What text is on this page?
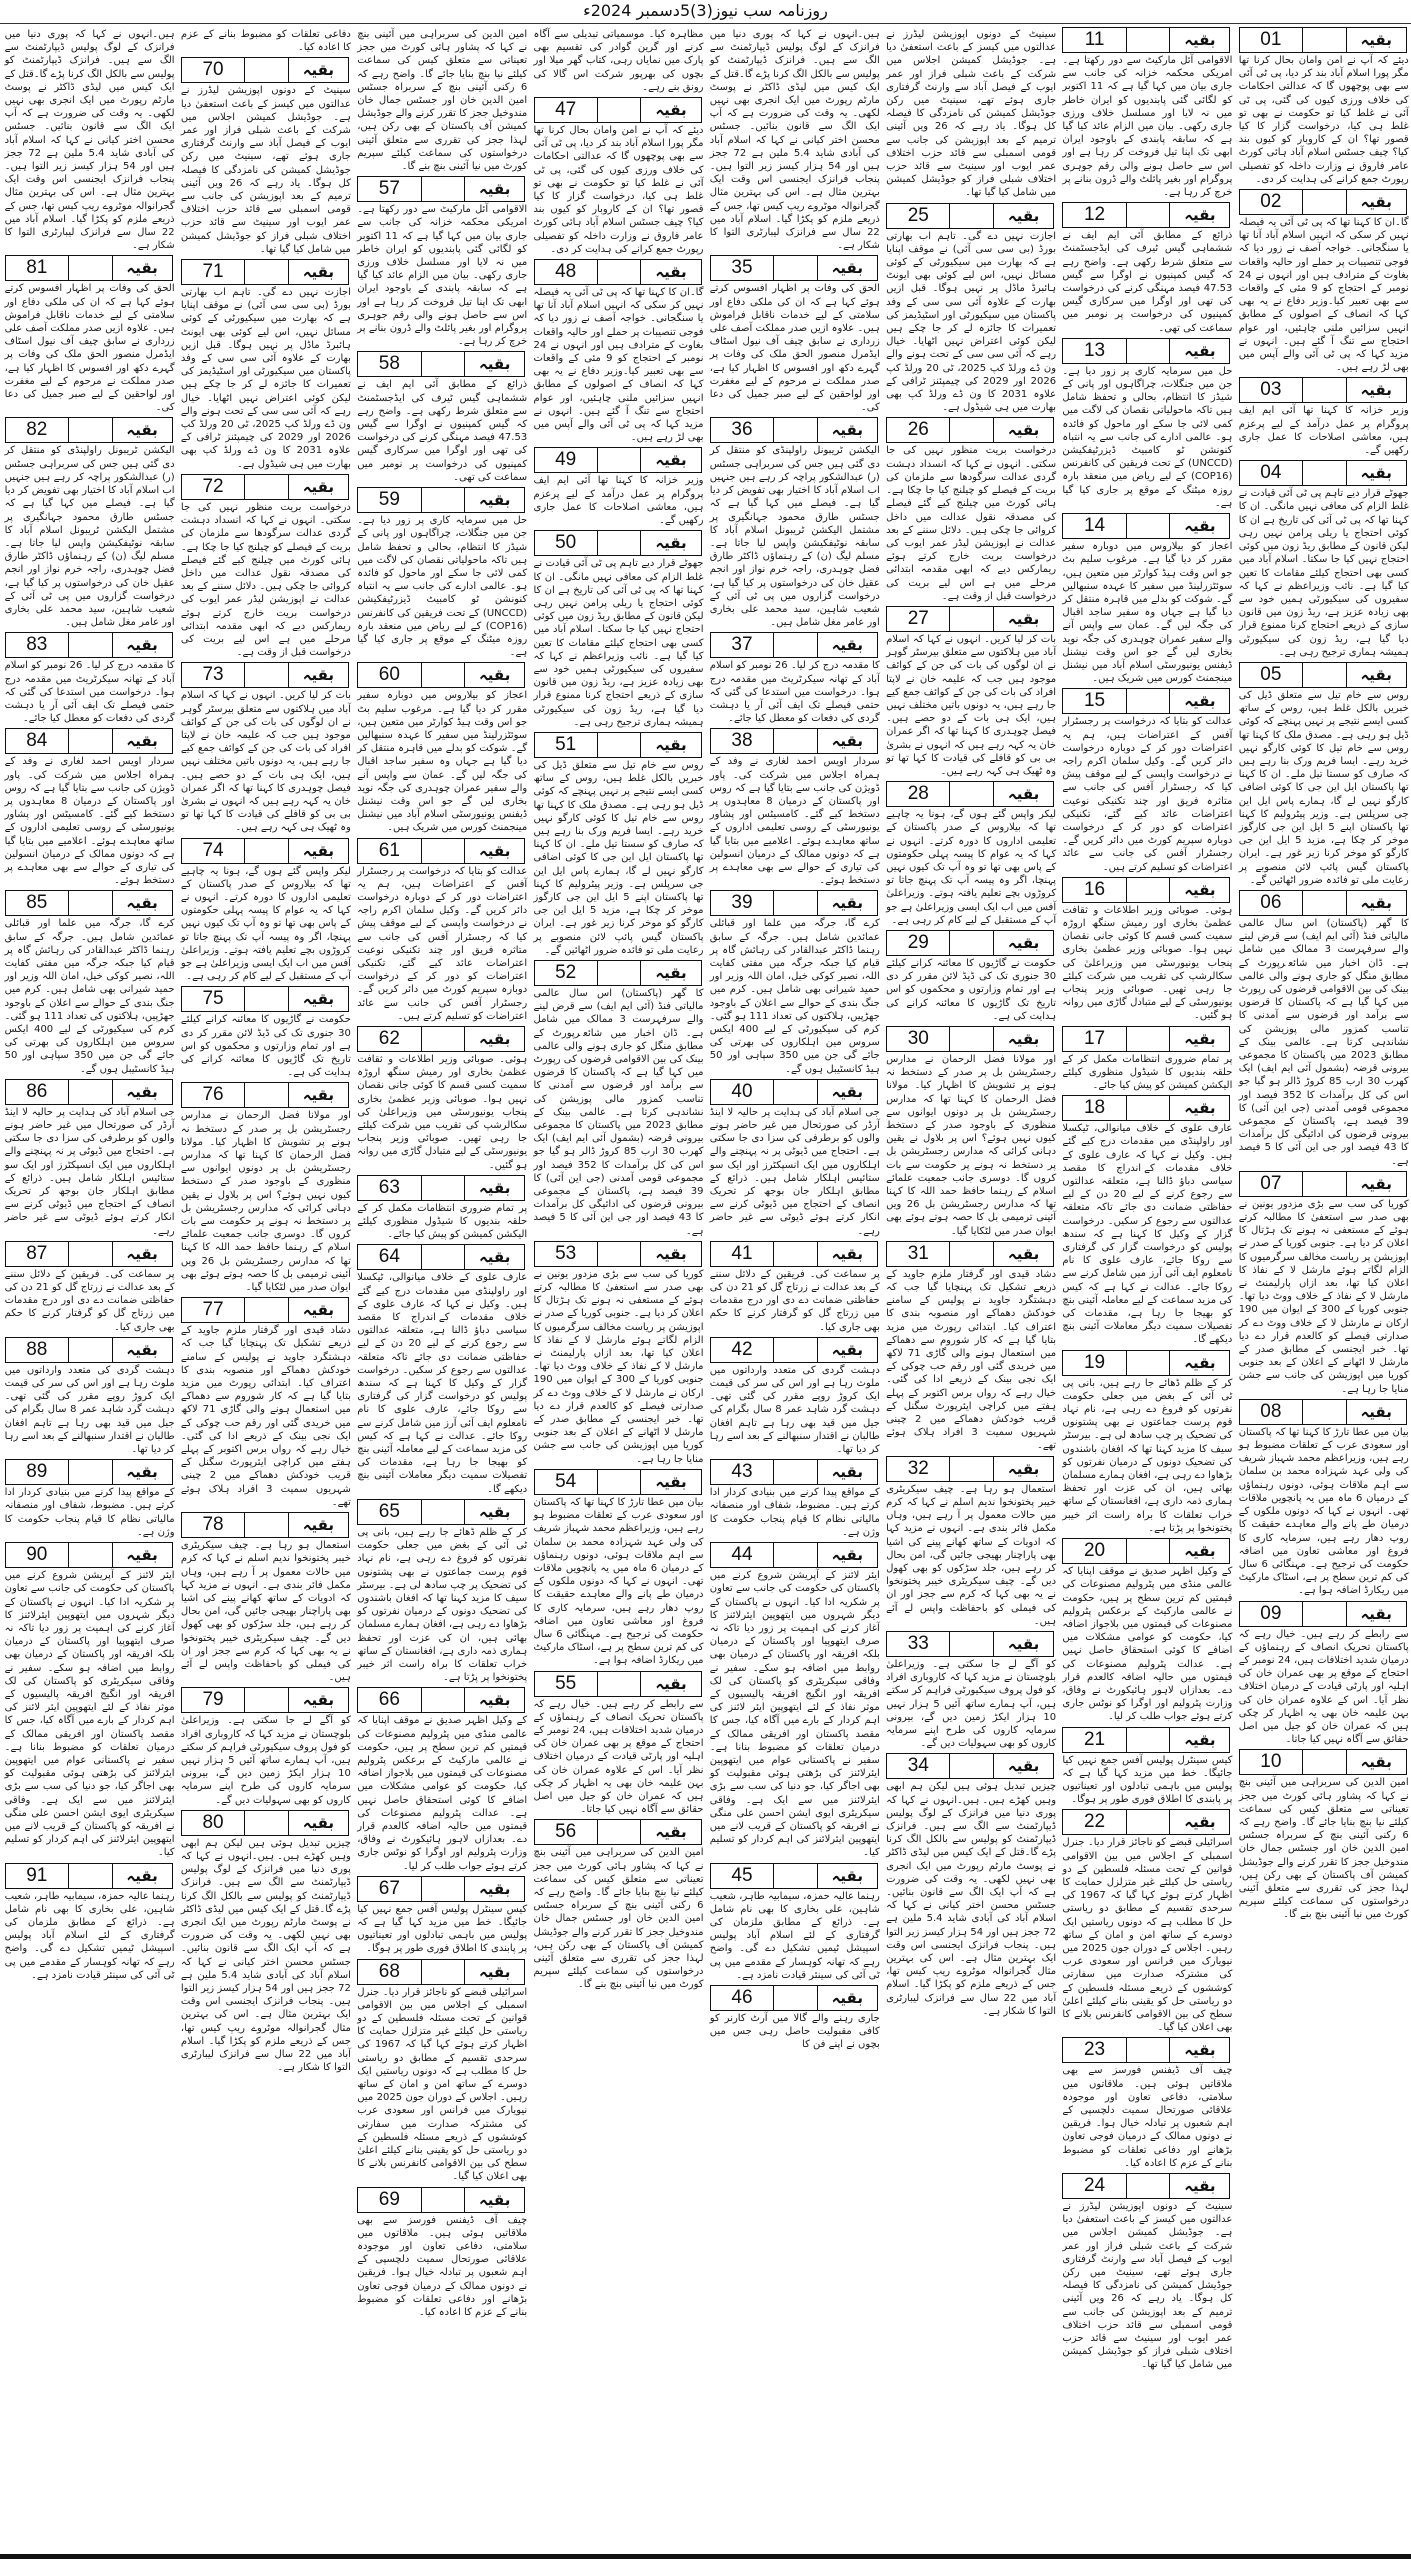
روزنامہ سب نیوز(3)5دسمبر 2024ء
01	بقیہ
دیئے کہ آپ نے امن وامان بحال کرنا تھا مگر پورا اسلام آباد بند کر دیا، پی ٹی آئی سے بھی پوچھوں گا کہ عدالتی احکامات کی خلاف ورزی کیوں کی گئی، پی ٹی آئی نے غلط کیا تو حکومت نے بھی تو غلط ہی کیا، درخواست گزار کا کیا قصور تھا؟ ان کے کاروبار کو کیوں بند کیا؟ چیف جسٹس اسلام آباد ہائی کورٹ عامر فاروق نے وزارت داخلہ کو تفصیلی رپورٹ جمع کرانے کی ہدایت کر دی۔
02	بقیہ
گا۔ان کا کہنا تھا کہ پی ٹی آئی یہ فیصلہ نہیں کر سکی کہ انہیں اسلام آباد آنا تھا یا سنگجانی۔ خواجہ آصف نے زور دیا کہ فوجی تنصیبات پر حملے اور حالیہ واقعات بغاوت کے مترادف ہیں اور انہوں نے 24 نومبر کے احتجاج کو 9 مئی کے واقعات سے بھی تعبیر کیا۔وزیر دفاع نے یہ بھی کہا کہ انصاف کے اصولوں کے مطابق انہیں سزائیں ملنی چاہئیں، اور عوام احتجاج سے تنگ آ گئے ہیں۔ انہوں نے مزید کہا کہ پی ٹی آئی والے آپس میں بھی لڑ رہے ہیں۔
03	بقیہ
وزیر خزانہ کا کہنا تھا آئی ایم ایف پروگرام پر عمل درآمد کے لیے پرعزم ہیں، معاشی اصلاحات کا عمل جاری رکھیں گے۔
04	بقیہ
جھوٹے قرار دیے تاہم پی ٹی آئی قیادت نے غلط الزام کی معافی نہیں مانگی۔ ان کا کہنا تھا کہ پی ٹی آئی کی تاریخ ہے ان کا کوئی احتجاج یا ریلی پرامن نہیں رہی لیکن قانون کے مطابق ریڈ زون میں کوئی احتجاج نہیں کیا جا سکتا۔ اسلام آباد میں کسی بھی احتجاج کیلئے مقامات کا تعین کیا گیا ہے۔ نائب وزیراعظم نے کہا کہ سفیروں کی سیکیورٹی ہمیں خود سے بھی زیادہ عزیز ہے، ریڈ زون میں قانون سازی کے ذریعے احتجاج کرنا ممنوع قرار دیا گیا ہے، ریڈ زون کی سیکیورٹی ہمیشہ ہماری ترجیح رہی ہے۔
05	بقیہ
روس سے خام تیل سے متعلق ڈیل کی خبریں بالکل غلط ہیں، روس کے ساتھ کسی ایسے نتیجے پر نہیں پہنچے کہ کوئی ڈیل ہو رہی ہے۔ مصدق ملک کا کہنا تھا روس سے خام تیل کا کوئی کارگو نہیں خرید رہے۔ ایسا فریم ورک بنا رہے ہیں کہ صارف کو سستا تیل ملے۔ ان کا کہنا تھا پاکستان ایل این جی کا کوئی اضافی کارگو نہیں لے گا، ہمارے پاس ایل این جی سرپلس ہے۔ وزیر پیٹرولیم کا کہنا تھا پاکستان اپنے 5 ایل این جی کارگوز موخر کر چکا ہے، مزید 5 ایل این جی کارگو کو موخر کرنا زیر غور ہے۔ ایران پاکستان گیس پائپ لائن منصوبے پر رعایت ملی تو فائدہ ضرور اٹھائیں گے۔
06	بقیہ
کا گھر (پاکستان) اس سال عالمی مالیاتی فنڈ (آئی ایم ایف) سے قرض لینے والے سرفہرست 3 ممالک میں شامل ہے۔ ڈان اخبار میں شائعرپورٹ کے مطابق منگل کو جاری ہونے والی عالمی بینک کی بین الاقوامی قرضوں کی رپورٹ میں کہا گیا ہے کہ پاکستان کا قرضوں سے برآمد اور قرضوں سے آمدنی کا تناسب کمزور مالی پوزیشن کی نشاندہی کرتا ہے۔ عالمی بینک کے مطابق 2023 میں پاکستان کا مجموعی بیرونی قرضہ (بشمول آئی ایم ایف) ایک کھرب 30 ارب 85 کروڑ ڈالر ہو گیا جو اس کی کل برآمدات کا 352 فیصد اور مجموعی قومی آمدنی (جی این آئی) کا 39 فیصد ہے، پاکستان کے مجموعی بیرونی قرضوں کی ادائیگی کل برآمدات کا 43 فیصد اور جی این آئی کا 5 فیصد ہے۔
07	بقیہ
کوریا کی سب سے بڑی مزدور یونین نے بھی صدر سے استعفیٰ کا مطالبہ کرتے ہوئے کے مستعفی نہ ہونے تک ہڑتال کا اعلان کر دیا ہے۔ جنوبی کوریا کے صدر نے اپوزیشن پر ریاست مخالف سرگرمیوں کا الزام لگاتے ہوئے مارشل لا کے نفاذ کا اعلان کیا تھا، بعد ازاں پارلیمنٹ نے مارشل لا کے نفاذ کے خلاف ووٹ دیا تھا۔ جنوبی کوریا کے 300 کے ایوان میں 190 ارکان نے مارشل لا کے خلاف ووٹ دے کر صدارتی فیصلے کو کالعدم قرار دے دیا تھا۔ خبر ایجنسی کے مطابق صدر کے مارشل لا اٹھانے کے اعلان کے بعد جنوبی کوریا میں اپوزیشن کی جانب سے جشن منایا جا رہا ہے۔
08	بقیہ
بیان میں عطا تارڑ کا کہنا تھا کہ پاکستان اور سعودی عرب کے تعلقات مضبوط ہو رہے ہیں، وزیراعظم محمد شہباز شریف کی ولی عہد شہزادہ محمد بن سلمان سے اہم ملاقات ہوئی، دونوں رہنماؤں کے درمیان 6 ماہ میں یہ پانچویں ملاقات تھی۔ انہوں نے کہا کہ دونوں ملکوں کے درمیان طے پانے والے معاہدے حقیقت کا روپ دھار رہے ہیں، سرمایہ کاری کا فروغ اور معاشی تعاون میں اضافہ حکومت کی ترجیح ہے۔ مہنگائی 6 سال کی کم ترین سطح پر ہے، اسٹاک مارکیٹ میں ریکارڈ اضافہ ہوا ہے۔
09	بقیہ
سے رابطے کر رہے ہیں۔ خیال رہے کہ پاکستان تحریک انصاف کے رہنماؤں کے درمیان شدید اختلافات ہیں، 24 نومبر کے احتجاج کے موقع پر بھی عمران خان کی اہلیہ اور پارٹی قیادت کے درمیان اختلاف نظر آیا۔ اس کے علاوہ عمران خان کی بہن علیمہ خان بھی یہ اظہار کر چکی ہیں کہ عمران خان کو جیل میں اصل حقائق سے آگاہ نہیں کیا جاتا۔
10	بقیہ
امین الدین کی سربراہی میں آئینی بنچ نے کہا کہ پشاور ہائی کورٹ میں ججز تعیناتی سے متعلق کیس کی سماعت کیلئے نیا بنچ بنایا جائے گا۔ واضح رہے کہ 6 رکنی آئینی بنچ کے سربراہ جسٹس امین الدین خان اور جسٹس جمال خان مندوخیل ججز کا تقرر کرنے والے جوڈیشل کمیشن آف پاکستان کے بھی رکن ہیں، لہذا ججز کی تقرری سے متعلق آئینی درخواستوں کی سماعت کیلئے سپریم کورٹ میں نیا آئینی بنچ بنے گا۔
11	بقیہ
الاقوامی آئل مارکیٹ سے دور رکھتا ہے۔ امریکی محکمہ خزانہ کی جانب سے جاری بیان میں کہا گیا ہے کہ 11 اکتوبر کو لگائی گئی پابندیوں کو ایران خاطر میں نہ لایا اور مسلسل خلاف ورزی جاری رکھی۔ بیان میں الزام عائد کیا گیا ہے کہ سابقہ پابندی کے باوجود ایران ابھی تک اپنا تیل فروخت کر رہا ہے اور اس سے حاصل ہونے والی رقم جوہری پروگرام اور بغیر پائلٹ والے ڈرون بنانے پر خرچ کر رہا ہے۔
12	بقیہ
ذرائع کے مطابق آئی ایم ایف نے ششماہی گیس ٹیرف کی ایڈجسٹمنٹ سے متعلق شرط رکھی ہے۔ واضح رہے کہ گیس کمپنیوں نے اوگرا سے گیس 47.53 فیصد مہنگی کرنے کی درخواست کی تھی اور اوگرا میں سرکاری گیس کمپنیوں کی درخواست پر نومبر میں سماعت کی تھی۔
13	بقیہ
حل میں سرمایہ کاری پر زور دیا ہے۔ جن میں جنگلات، چراگاہوں اور پانی کے شیڈز کا انتظام، بحالی و تحفظ شامل ہیں تاکہ ماحولیاتی نقصان کی لاگت میں کمی لائی جا سکے اور ماحول کو فائدہ ہو۔ عالمی ادارے کی جانب سے یہ انتباہ کنونشن ٹو کامبیٹ ڈیزرٹیفکیشن (UNCCD) کے تحت فریقین کی کانفرنس (COP16) کے لیے ریاض میں منعقد بارہ روزہ میٹنگ کے موقع پر جاری کیا گیا ہے۔
14	بقیہ
اعجاز کو بیلاروس میں دوبارہ سفیر مقرر کر دیا گیا ہے۔ مرغوب سلیم بٹ جو اس وقت ہیڈ کوارٹر میں متعین ہیں، سوئٹزرلینڈ میں سفیر کا عہدہ سنبھالیں گے۔ شوکت کو بدلے میں قاہرہ منتقل کر دیا گیا ہے جہاں وہ سفیر ساجد اقبال کی جگہ لیں گے۔ عمان سے واپس آنے والے سفیر عمران چوہدری کی جگہ نوید بخاری لیں گے جو اس وقت نیشنل ڈیفنس یونیورسٹی اسلام آباد میں نیشنل مینجمنٹ کورس میں شریک ہیں۔
15	بقیہ
عدالت کو بتایا کہ درخواست پر رجسٹرار آفس کے اعتراضات ہیں، ہم یہ اعتراضات دور کر کے دوبارہ درخواست دائر کریں گے۔ وکیل سلمان اکرم راجہ نے درخواست واپسی کے لیے موقف پیش کیا کہ رجسٹرار آفس کی جانب سے متاثرہ فریق اور چند تکنیکی نوعیت اعتراضات عائد کیے گئے، تکنیکی اعتراضات کو دور کر کے درخواست دوبارہ سپریم کورٹ میں دائر کریں گے۔ رجسٹرار آفس کی جانب سے عائد اعتراضات کو تسلیم کرتے ہیں۔
16	بقیہ
ہوئی۔ صوبائی وزیر اطلاعات و ثقافت عظمیٰ بخاری اور رمیش سنگھ اروڑہ سمیت کسی قسم کا کوئی جانی نقصان نہیں ہوا۔ صوبائی وزیر عظمیٰ بخاری پنجاب یونیورسٹی میں وزیراعلیٰ کی سکالرشپ کی تقریب میں شرکت کیلئے جا رہی تھیں۔ صوبائی وزیر پنجاب یونیورسٹی کے لیے متبادل گاڑی میں روانہ ہو گئیں۔
17	بقیہ
پر تمام ضروری انتظامات مکمل کر کے حلقہ بندیوں کا شیڈول منظوری کیلئے الیکشن کمیشن کو پیش کیا جائے۔
18	بقیہ
عارف علوی کے خلاف میانوالی، ٹیکسلا اور راولپنڈی میں مقدمات درج کیے گئے ہیں۔ وکیل نے کہا کہ عارف علوی کے خلاف مقدمات کےاندراج کا مقصد سیاسی دباؤ ڈالنا ہے، متعلقہ عدالتوں سے رجوع کرنے کے لیے 20 دن کے لیے حفاظتی ضمانت دی جائے تاکہ متعلقہ عدالتوں سے رجوع کر سکیں۔ درخواست گزار کے وکیل کا کہنا ہے کہ سندھ پولیس کو درخواست گزار کی گرفتاری سے روکا جائے، عارف علوی کا نام نامعلوم ایف آئی آرز میں شامل کرنے سے روکا جائے۔ عدالت نے کہا ہے کہ کیس کی مزید سماعت کے لیے معاملہ آئینی بنچ کو بھیجا جا رہا ہے، مقدمات کی تفصیلات سمیت دیگر معاملات آئینی بنچ دیکھے گا۔
19	بقیہ
کر کے ظلم ڈھائے جا رہے ہیں، بانی پی ٹی آئی کے بغض میں جعلی حکومت نفرتوں کو فروغ دے رہی ہے، نام نہاد قوم پرست جماعتوں نے بھی پشتونوں کی تضحیک پر چپ سادھ لی ہے۔ بیرسٹر سیف کا مزید کہنا تھا کہ افغان باشندوں کی تضحیک دونوں کے درمیان نفرتوں کو بڑھاوا دے رہی ہے، افغان ہمارے مسلمان بھائی ہیں، ان کی عزت اور تحفظ ہماری ذمہ داری ہے، افغانستان کے ساتھ خراب تعلقات کا براہ راست اثر خیبر پختونخوا پر پڑتا ہے۔
20	بقیہ
کے وکیل اظہر صدیق نے موقف اپنایا کہ عالمی منڈی میں پٹرولیم مصنوعات کی قیمتیں کم ترین سطح پر ہیں، حکومت نے عالمی مارکیٹ کے برعکس پٹرولیم مصنوعات کی قیمتوں میں بلاجواز اضافہ کیا، حکومت کو عوامی مشکلات میں اضافے کا کوئی استحقاق حاصل نہیں ہے۔ عدالت پٹرولیم مصنوعات کی قیمتوں میں حالیہ اضافہ کالعدم قرار دے۔ بعدازاں لاہور ہائیکورٹ نے وفاق، وزارت پٹرولیم اور اوگرا کو نوٹس جاری کرتے ہوئے جواب طلب کر لیا۔
21	بقیہ
کیس سینٹرل پولیس آفس جمع نہیں کیا جائیگا۔ خط میں مزید کہا گیا ہے کہ پولیس میں باہمی تبادلوں اور تعیناتیوں پر پابندی کا اطلاق فوری طور پر ہوگا۔
22	بقیہ
اسرائیلی قبضے کو ناجائز قرار دیا۔ جنرل اسمبلی کے اجلاس میں بین الاقوامی قوانین کے تحت مسئلہ فلسطین کے دو ریاستی حل کیلئے غیر متزلزل حمایت کا اظہار کرتے ہوئے کہا گیا کہ 1967 کی سرحدی تقسیم کے مطابق دو ریاستی حل کا مطلب ہے کہ دونوں ریاستیں ایک دوسرے کے ساتھ امن و امان کے ساتھ رہیں۔ اجلاس کے دوران جون 2025 میں نیویارک میں فرانس اور سعودی عرب کی مشترکہ صدارت میں سفارتی کوششوں کے ذریعے مسئلہ فلسطین کے دو ریاستی حل کو یقینی بنانے کیلئے اعلیٰ سطح کی بین الاقوامی کانفرنس بلانے کا بھی اعلان کیا گیا۔
23	بقیہ
چیف آف ڈیفنس فورسز سے بھی ملاقاتیں ہوئی ہیں۔ ملاقاتوں میں سلامتی، دفاعی تعاون اور موجودہ علاقائی صورتحال سمیت دلچسپی کے اہم شعبوں پر تبادلہ خیال ہوا۔ فریقین نے دونوں ممالک کے درمیان فوجی تعاون بڑھانے اور دفاعی تعلقات کو مضبوط بنانے کے عزم کا اعادہ کیا۔
24	بقیہ
سینیٹ کے دونوں اپوزیشن لیڈرز نے عدالتوں میں کیسز کے باعث استعفیٰ دیا ہے۔ جوڈیشل کمیشن اجلاس میں شرکت کے باعث شبلی فراز اور عمر ایوب کے فیصل آباد سے وارنٹ گرفتاری جاری ہوئے تھے، سینیٹ میں رکن جوڈیشل کمیشن کی نامزدگی کا فیصلہ کل ہوگا۔ یاد رہے کہ 26 ویں آئینی ترمیم کے بعد اپوزیشن کی جانب سے قومی اسمبلی سے قائد حزب اختلاف عمر ایوب اور سینیٹ سے قائد حزب اختلاف شبلی فراز کو جوڈیشل کمیشن میں شامل کیا گیا تھا۔
سینیٹ کے دونوں اپوزیشن لیڈرز نے عدالتوں میں کیسز کے باعث استعفیٰ دیا ہے۔ جوڈیشل کمیشن اجلاس میں شرکت کے باعث شبلی فراز اور عمر ایوب کے فیصل آباد سے وارنٹ گرفتاری جاری ہوئے تھے، سینیٹ میں رکن جوڈیشل کمیشن کی نامزدگی کا فیصلہ کل ہوگا۔ یاد رہے کہ 26 ویں آئینی ترمیم کے بعد اپوزیشن کی جانب سے قومی اسمبلی سے قائد حزب اختلاف عمر ایوب اور سینیٹ سے قائد حزب اختلاف شبلی فراز کو جوڈیشل کمیشن میں شامل کیا گیا تھا۔
25	بقیہ
اجازت نہیں دے گی۔ تاہم اب بھارتی بورڈ (بی سی سی آئی) نے موقف اپنایا ہے کہ بھارت میں سیکیورٹی کے کوئی مسائل نہیں، اس لیے کوئی بھی ایونٹ ہائبرڈ ماڈل پر نہیں ہوگا۔ قبل ازیں بھارت کے علاوہ آئی سی سی کے وفد پاکستان میں سیکیورٹی اور اسٹیڈیمز کی تعمیرات کا جائزہ لے کر جا چکے ہیں لیکن کوئی اعتراض نہیں اٹھایا۔ خیال رہے کہ آئی سی سی کے تحت ہونے والے ون ڈے ورلڈ کپ 2025، ٹی 20 ورلڈ کپ 2026 اور 2029 کی چیمپئنز ٹرافی کے علاوہ 2031 کا ون ڈے ورلڈ کپ بھی بھارت میں ہی شیڈول ہے۔
26	بقیہ
درخواست بریت منظور نہیں کی جا سکتی۔ انہوں نے کہا کہ انسداد دہشت گردی عدالت سرگودھا سے ملزمان کی بریت کے فیصلے کو چیلنج کیا جا چکا ہے۔ ہائی کورٹ میں چیلنج کیے گئے فیصلے کی مصدقہ نقول عدالت میں داخل کروائی جا چکی ہیں۔ دلائل سننے کے بعد عدالت نے اپوزیشن لیڈر عمر ایوب کی درخواست بریت خارج کرتے ہوئے ریمارکس دیے کہ ابھی مقدمہ ابتدائی مرحلے میں ہے اس لیے بریت کی درخواست قبل از وقت ہے۔
27	بقیہ
بات کر لیا کریں۔ انہوں نے کہا کہ اسلام آباد میں ہلاکتوں سے متعلق بیرسٹر گوہر نے ان لوگوں کی بات کی جن کے کوائف موجود ہیں جب کہ علیمہ خان نے لاپتا افراد کی بات کی جن کے کوائف جمع کیے جا رہے ہیں، یہ دونوں باتیں مختلف نہیں ہیں، ایک ہی بات کے دو حصے ہیں۔ فیصل چوہدری کا کہنا تھا کہ اگر عمران خان یہ کہہ رہے ہیں کہ انہوں نے بشریٰ بی بی کو قافلے کی قیادت کا کہا تھا تو وہ ٹھیک ہی کہہ رہے ہیں۔
28	بقیہ
لیکر واپس گئے ہوں گے، ہونا یہ چاہیے تھا کہ بیلاروس کے صدر پاکستان کے تعلیمی اداروں کا دورہ کرتے۔ انہوں نے کہا کہ یہ عوام کا پیسہ پہلی حکومتوں کے پاس بھی تھا تو وہ آپ تک کیوں نہیں پہنچا، اگر وہ پیسہ آپ تک پہنچ جاتا تو کروڑوں بچے تعلیم یافتہ ہوتے۔ وزیراعلیٰ آفس میں اب ایک ایسی وزیراعلیٰ ہے جو آپ کے مستقبل کے لیے کام کر رہی ہے۔
29	بقیہ
حکومت نے گاڑیوں کا معائنہ کرانے کیلئے 30 جنوری تک کی ڈیڈ لائن مقرر کر دی ہے اور تمام وزارتوں و محکموں کو اس تاریخ تک گاڑیوں کا معائنہ کرانے کی ہدایت کی ہے۔
30	بقیہ
اور مولانا فضل الرحمان نے مدارس رجسٹریشن بل پر صدر کے دستخط نہ ہونے پر تشویش کا اظہار کیا۔ مولانا فضل الرحمان کا کہنا تھا کہ مدارس رجسٹریشن بل پر دونوں ایوانوں سے منظوری کے باوجود صدر کے دستخط کیوں نہیں ہوئے؟ اس پر بلاول نے یقین دہانی کرائی کہ مدارس رجسٹریشن بل پر دستخط نہ ہونے پر حکومت سے بات کروں گا۔ دوسری جانب جمعیت علمائے اسلام کے رہنما حافظ حمد اللہ کا کہنا تھا کہ مدارس رجسٹریشن بل 26 ویں آئینی ترمیمی بل کا حصہ ہوتے ہوئے بھی ایوان صدر میں لٹکایا گیا۔
31	بقیہ
دشاد قیدی اور گرفتار ملزم جاوید کے ذریعے تشکیل تک پہنچایا گیا جب کہ دہشتگرد جاوید نے پولیس کے سامنے خودکش دھماکے اور منصوبہ بندی کا اعتراف کیا۔ ابتدائی رپورٹ میں مزید بتایا گیا ہے کہ کار شوروم سے دھماکے میں استعمال ہونے والی گاڑی 71 لاکھ میں خریدی گئی اور رقم حب چوکی کے ایک نجی بینک کے ذریعے ادا کی گئی۔ خیال رہے کہ رواں برس اکتوبر کے پہلے ہفتے میں کراچی ایئرپورٹ سگنل کے قریب خودکش دھماکے میں 2 چینی شہریوں سمیت 3 افراد ہلاک ہوئے تھے۔
32	بقیہ
استعمال ہو رہا ہے۔ چیف سیکریٹری خیبر پختونخوا ندیم اسلم نے کہا کہ کرم میں حالات معمول پر آ رہے ہیں، وہاں مکمل فائر بندی ہے۔ انہوں نے مزید کہا کہ ادویات کے ساتھ کھانے پینے کی اشیا بھی پاراچنار بھیجی جائیں گی، امن بحال کر رہے ہیں، جلد سڑکوں کو بھی کھول دیں گے۔ چیف سیکریٹری خیبر پختونخوا نے یہ بھی کہا کہ کرم سے ججز اور ان کی فیملی کو باحفاظت واپس لے آئے ہیں۔
33	بقیہ
کو آگے لے جا سکتی ہے۔ وزیراعلیٰ بلوچستان نے مزید کہا کہ کاروباری افراد کو فول پروف سیکیورٹی فراہم کر سکتے ہیں، آپ ہمارے ساتھ آئیں 5 ہزار نہیں 10 ہزار ایکڑ زمین دیں گے، بیرونی سرمایہ کاروں کی طرح اپنے سرمایہ کاروں کو بھی سہولیات دیں گے۔
34	بقیہ
چیزیں تبدیل ہوئی ہیں لیکن ہم ابھی وہیں کھڑے ہیں۔ہیں۔انہوں نے کہا کہ پوری دنیا میں فرانزک کے لوگ پولیس ڈیپارٹمنٹ سے الگ سے ہیں۔ فرانزک ڈیپارٹمنٹ کو پولیس سے بالکل الگ کرنا پڑے گا۔قتل کے ایک کیس میں لیڈی ڈاکٹر نے پوسٹ مارٹم رپورٹ میں ایک انجری بھی نہیں لکھی۔ یہ وقت کی ضرورت ہے کہ آپ ایک الگ سے قانون بنائیں۔ جسٹس محسن اختر کیانی نے کہا کہ اسلام آباد کی آبادی شاید 5.4 ملین ہے 72 ججز ہیں اور 54 ہزار کیسز زیر التوا ہیں۔ پنجاب فرانزک ایجنسی اس وقت ایک بہترین مثال ہے۔ اس کی بہترین مثال گجرانوالہ موٹروے ریپ کیس تھا، جس کے ذریعے ملزم کو پکڑا گیا۔ اسلام آباد میں 22 سال سے فرانزک لیبارٹری التوا کا شکار ہے۔
ہیں۔انہوں نے کہا کہ پوری دنیا میں فرانزک کے لوگ پولیس ڈیپارٹمنٹ سے الگ سے ہیں۔ فرانزک ڈیپارٹمنٹ کو پولیس سے بالکل الگ کرنا پڑے گا۔قتل کے ایک کیس میں لیڈی ڈاکٹر نے پوسٹ مارٹم رپورٹ میں ایک انجری بھی نہیں لکھی۔ یہ وقت کی ضرورت ہے کہ آپ ایک الگ سے قانون بنائیں۔ جسٹس محسن اختر کیانی نے کہا کہ اسلام آباد کی آبادی شاید 5.4 ملین ہے 72 ججز ہیں اور 54 ہزار کیسز زیر التوا ہیں۔ پنجاب فرانزک ایجنسی اس وقت ایک بہترین مثال ہے۔ اس کی بہترین مثال گجرانوالہ موٹروے ریپ کیس تھا، جس کے ذریعے ملزم کو پکڑا گیا۔ اسلام آباد میں 22 سال سے فرانزک لیبارٹری التوا کا شکار ہے۔
35	بقیہ
الحق کی وفات پر اظہار افسوس کرتے ہوئے کہا ہے کہ ان کی ملکی دفاع اور سلامتی کے لیے خدمات ناقابل فراموش ہیں۔ علاوہ ازیں صدر مملکت آصف علی زرداری نے سابق چیف آف نیول اسٹاف ایڈمرل منصور الحق ملک کی وفات پر گہرے دکھ اور افسوس کا اظہار کیا ہے، صدر مملکت نے مرحوم کے لیے مغفرت اور لواحقین کے لیے صبر جمیل کی دعا کی۔
36	بقیہ
الیکشن ٹریبونل راولپنڈی کو منتقل کر دی گئی ہیں جس کی سربراہی جسٹس (ر) عبدالشکور پراچہ کر رہے ہیں جنہیں اب اسلام آباد کا اختیار بھی تفویض کر دیا گیا ہے۔ فیصلے میں کہا گیا ہے کہ جسٹس طارق محمود جہانگیری پر مشتمل الیکشن ٹریبونل اسلام آباد کا سابقہ نوٹیفکیشن واپس لیا جاتا ہے۔ مسلم لیگ (ن) کے رہنماؤں ڈاکٹر طارق فضل چوہدری، راجہ خرم نواز اور انجم عقیل خان کی درخواستوں پر کیا گیا ہے، درخواست گزاروں میں پی ٹی آئی کے شعیب شاہین، سید محمد علی بخاری اور عامر مغل شامل ہیں۔
37	بقیہ
کا مقدمہ درج کر لیا۔ 26 نومبر کو اسلام آباد کے تھانہ سیکرٹریٹ میں مقدمہ درج ہوا۔ درخواست میں استدعا کی گئی کہ حتمی فیصلے تک ایف آئی آر یا دہشت گردی کی دفعات کو معطل کیا جائے۔
38	بقیہ
سردار اویس احمد لغاری نے وفد کے ہمراہ اجلاس میں شرکت کی۔ پاور ڈویژن کی جانب سے بتایا گیا ہے کہ روس اور پاکستان کے درمیان 8 معاہدوں پر دستخط کیے گئے۔ کامسیٹس اور پشاور یونیورسٹی کے روسی تعلیمی اداروں کے ساتھ معاہدے ہوئے۔ اعلامیے میں بتایا گیا ہے کہ دونوں ممالک کے درمیان انسولین کی تیاری کے حوالے سے بھی معاہدے پر دستخط ہوئے۔
39	بقیہ
کرے گا، جرگہ میں علما اور قبائلی عمائدین شامل ہیں۔ جرگہ کے سابق رہنما ڈاکٹر عبدالقادر کی رہائش گاہ پر قیام کیا جبکہ جرگہ میں مفتی کفایت اللہ، نصیر کوکی خیل، امان اللہ وزیر اور حمید شیرانی بھی شامل ہیں۔ کرم میں جنگ بندی کے حوالے سے اعلان کے باوجود جھڑپیں، ہلاکتوں کی تعداد 111 ہو گئی۔ کرم کی سیکیورٹی کے لیے 400 ایکس سروس مین اہلکاروں کی بھرتی کی جائے گی جن میں 350 سپاہی اور 50 ہیڈ کانسٹیبل ہوں گے۔
40	بقیہ
جی اسلام آباد کی ہدایت پر حالیہ لا اینڈ آرڈر کی صورتحال میں غیر حاضر ہونے والوں کو برطرفی کی سزا دی جا سکتی ہے۔ احتجاج میں ڈیوٹی پر نہ پہنچنے والے اہلکاروں میں ایک انسپکٹرز اور ایک سو ستائیس اہلکار شامل ہیں۔ ذرائع کے مطابق اہلکار جان بوجھ کر تحریک انصاف کے احتجاج میں ڈیوٹی کرنے سے انکار کرتے ہوئے ڈیوٹی سے غیر حاضر رہے۔
41	بقیہ
پر سماعت کی۔ فریقین کے دلائل سننے کے بعد عدالت نے زرتاج گل کو 21 دن کی حفاظتی ضمانت دے دی اور درج مقدمات میں زرتاج گل کو گرفتار کرنے کا حکم بھی جاری کیا۔
42	بقیہ
دہشت گردی کی متعدد وارداتوں میں ملوث رہا ہے اور اس کی سر کی قیمت ایک کروڑ روپے مقرر کی گئی تھی۔ دہشت گرد شاہد عمر 8 سال بگرام کی جیل میں قید بھی رہا ہے تاہم افغان طالبان نے اقتدار سنبھالنے کے بعد اسے رہا کر دیا تھا۔
43	بقیہ
کے مواقع پیدا کرنے میں بنیادی کردار ادا کرتے ہیں۔ مضبوط، شفاف اور منصفانہ مالیاتی نظام کا قیام پنجاب حکومت کا وژن ہے۔
44	بقیہ
ایئر لائنز کے آپریشن شروع کرنے میں پاکستان کی حکومت کی جانب سے تعاون پر شکریہ ادا کیا۔ انہوں نے پاکستان کے دیگر شہروں میں ایتھوپین ایئرلائنز کا آغاز کرنے کی اہمیت پر زور دیا تاکہ نہ صرف ایتھوپیا اور پاکستان کے درمیان بلکہ افریقہ اور پاکستان کے درمیان بھی روابط میں اضافہ ہو سکے۔ سفیر نے وفاقی سیکریٹری کو پاکستان کی لک افریقہ اور انگیج افریقہ پالیسیوں کے موثر نفاذ کے لئے ایتھوپین ایئر لائنز کی اہم کردار کے بارےمیں آگاہ کیا، جس کا مقصد پاکستان اور افریقی ممالک کے درمیان تعلقات کو مضبوط بنانا ہے۔ سفیر نے پاکستانی عوام میں ایتھوپین ایئرلائنز کی بڑھتی ہوئی مقبولیت کو بھی اجاگر کیا، جو دنیا کی سب سے بڑی ایئرلائنز میں سے ایک ہے۔ وفاقی سیکریٹری ایوی ایشن احسن علی منگی نے افریقہ کو پاکستان کے قریب لانے میں ایتھوپین ایئرلائنز کی اہم کردار کو تسلیم کیا۔
45	بقیہ
رہنما عالیہ حمزہ، سیمابیہ طاہر، شعیب شاہین، علی بخاری کا بھی نام شامل ہے۔ ذرائع کے مطابق ملزمان کی گرفتاری کے لئے اسلام آباد پولیس اسپیشل ٹیمیں تشکیل دے گی۔ واضح رہے کہ تھانہ کوہسار کے مقدمے میں پی ٹی آئی کی سینئر قیادت نامزد ہے۔
46	بقیہ
جاری رہنے والے گالا میں آرٹ کارنر کو کافی مقبولیت حاصل رہی جس میں بچوں نے اپنے فن کا
مظاہرہ کیا۔ موسمیاتی تبدیلی سے آگاہ کرنے اور گرین گوادر کی تقسیم بھی پارک میں نمایاں رہی، کتاب گھر میلا اور بچوں کی بھرپور شرکت اس گالا کی رونق بنے رہے۔
47	بقیہ
دیئے کہ آپ نے امن وامان بحال کرنا تھا مگر پورا اسلام آباد بند کر دیا، پی ٹی آئی سے بھی پوچھوں گا کہ عدالتی احکامات کی خلاف ورزی کیوں کی گئی، پی ٹی آئی نے غلط کیا تو حکومت نے بھی تو غلط ہی کیا، درخواست گزار کا کیا قصور تھا؟ ان کے کاروبار کو کیوں بند کیا؟ چیف جسٹس اسلام آباد ہائی کورٹ عامر فاروق نے وزارت داخلہ کو تفصیلی رپورٹ جمع کرانے کی ہدایت کر دی۔
48	بقیہ
گا۔ان کا کہنا تھا کہ پی ٹی آئی یہ فیصلہ نہیں کر سکی کہ انہیں اسلام آباد آنا تھا یا سنگجانی۔ خواجہ آصف نے زور دیا کہ فوجی تنصیبات پر حملے اور حالیہ واقعات بغاوت کے مترادف ہیں اور انہوں نے 24 نومبر کے احتجاج کو 9 مئی کے واقعات سے بھی تعبیر کیا۔وزیر دفاع نے یہ بھی کہا کہ انصاف کے اصولوں کے مطابق انہیں سزائیں ملنی چاہئیں، اور عوام احتجاج سے تنگ آ گئے ہیں۔ انہوں نے مزید کہا کہ پی ٹی آئی والے آپس میں بھی لڑ رہے ہیں۔
49	بقیہ
وزیر خزانہ کا کہنا تھا آئی ایم ایف پروگرام پر عمل درآمد کے لیے پرعزم ہیں، معاشی اصلاحات کا عمل جاری رکھیں گے۔
50	بقیہ
جھوٹے قرار دیے تاہم پی ٹی آئی قیادت نے غلط الزام کی معافی نہیں مانگی۔ ان کا کہنا تھا کہ پی ٹی آئی کی تاریخ ہے ان کا کوئی احتجاج یا ریلی پرامن نہیں رہی لیکن قانون کے مطابق ریڈ زون میں کوئی احتجاج نہیں کیا جا سکتا۔ اسلام آباد میں کسی بھی احتجاج کیلئے مقامات کا تعین کیا گیا ہے۔ نائب وزیراعظم نے کہا کہ سفیروں کی سیکیورٹی ہمیں خود سے بھی زیادہ عزیز ہے، ریڈ زون میں قانون سازی کے ذریعے احتجاج کرنا ممنوع قرار دیا گیا ہے، ریڈ زون کی سیکیورٹی ہمیشہ ہماری ترجیح رہی ہے۔
51	بقیہ
روس سے خام تیل سے متعلق ڈیل کی خبریں بالکل غلط ہیں، روس کے ساتھ کسی ایسے نتیجے پر نہیں پہنچے کہ کوئی ڈیل ہو رہی ہے۔ مصدق ملک کا کہنا تھا روس سے خام تیل کا کوئی کارگو نہیں خرید رہے۔ ایسا فریم ورک بنا رہے ہیں کہ صارف کو سستا تیل ملے۔ ان کا کہنا تھا پاکستان ایل این جی کا کوئی اضافی کارگو نہیں لے گا، ہمارے پاس ایل این جی سرپلس ہے۔ وزیر پیٹرولیم کا کہنا تھا پاکستان اپنے 5 ایل این جی کارگوز موخر کر چکا ہے، مزید 5 ایل این جی کارگو کو موخر کرنا زیر غور ہے۔ ایران پاکستان گیس پائپ لائن منصوبے پر رعایت ملی تو فائدہ ضرور اٹھائیں گے۔
52	بقیہ
کا گھر (پاکستان) اس سال عالمی مالیاتی فنڈ (آئی ایم ایف) سے قرض لینے والے سرفہرست 3 ممالک میں شامل ہے۔ ڈان اخبار میں شائعرپورٹ کے مطابق منگل کو جاری ہونے والی عالمی بینک کی بین الاقوامی قرضوں کی رپورٹ میں کہا گیا ہے کہ پاکستان کا قرضوں سے برآمد اور قرضوں سے آمدنی کا تناسب کمزور مالی پوزیشن کی نشاندہی کرتا ہے۔ عالمی بینک کے مطابق 2023 میں پاکستان کا مجموعی بیرونی قرضہ (بشمول آئی ایم ایف) ایک کھرب 30 ارب 85 کروڑ ڈالر ہو گیا جو اس کی کل برآمدات کا 352 فیصد اور مجموعی قومی آمدنی (جی این آئی) کا 39 فیصد ہے، پاکستان کے مجموعی بیرونی قرضوں کی ادائیگی کل برآمدات کا 43 فیصد اور جی این آئی کا 5 فیصد ہے۔
53	بقیہ
کوریا کی سب سے بڑی مزدور یونین نے بھی صدر سے استعفیٰ کا مطالبہ کرتے ہوئے کے مستعفی نہ ہونے تک ہڑتال کا اعلان کر دیا ہے۔ جنوبی کوریا کے صدر نے اپوزیشن پر ریاست مخالف سرگرمیوں کا الزام لگاتے ہوئے مارشل لا کے نفاذ کا اعلان کیا تھا، بعد ازاں پارلیمنٹ نے مارشل لا کے نفاذ کے خلاف ووٹ دیا تھا۔ جنوبی کوریا کے 300 کے ایوان میں 190 ارکان نے مارشل لا کے خلاف ووٹ دے کر صدارتی فیصلے کو کالعدم قرار دے دیا تھا۔ خبر ایجنسی کے مطابق صدر کے مارشل لا اٹھانے کے اعلان کے بعد جنوبی کوریا میں اپوزیشن کی جانب سے جشن منایا جا رہا ہے۔
54	بقیہ
بیان میں عطا تارڑ کا کہنا تھا کہ پاکستان اور سعودی عرب کے تعلقات مضبوط ہو رہے ہیں، وزیراعظم محمد شہباز شریف کی ولی عہد شہزادہ محمد بن سلمان سے اہم ملاقات ہوئی، دونوں رہنماؤں کے درمیان 6 ماہ میں یہ پانچویں ملاقات تھی۔ انہوں نے کہا کہ دونوں ملکوں کے درمیان طے پانے والے معاہدے حقیقت کا روپ دھار رہے ہیں، سرمایہ کاری کا فروغ اور معاشی تعاون میں اضافہ حکومت کی ترجیح ہے۔ مہنگائی 6 سال کی کم ترین سطح پر ہے، اسٹاک مارکیٹ میں ریکارڈ اضافہ ہوا ہے۔
55	بقیہ
سے رابطے کر رہے ہیں۔ خیال رہے کہ پاکستان تحریک انصاف کے رہنماؤں کے درمیان شدید اختلافات ہیں، 24 نومبر کے احتجاج کے موقع پر بھی عمران خان کی اہلیہ اور پارٹی قیادت کے درمیان اختلاف نظر آیا۔ اس کے علاوہ عمران خان کی بہن علیمہ خان بھی یہ اظہار کر چکی ہیں کہ عمران خان کو جیل میں اصل حقائق سے آگاہ نہیں کیا جاتا۔
56	بقیہ
امین الدین کی سربراہی میں آئینی بنچ نے کہا کہ پشاور ہائی کورٹ میں ججز تعیناتی سے متعلق کیس کی سماعت کیلئے نیا بنچ بنایا جائے گا۔ واضح رہے کہ 6 رکنی آئینی بنچ کے سربراہ جسٹس امین الدین خان اور جسٹس جمال خان مندوخیل ججز کا تقرر کرنے والے جوڈیشل کمیشن آف پاکستان کے بھی رکن ہیں، لہذا ججز کی تقرری سے متعلق آئینی درخواستوں کی سماعت کیلئے سپریم کورٹ میں نیا آئینی بنچ بنے گا۔
امین الدین کی سربراہی میں آئینی بنچ نے کہا کہ پشاور ہائی کورٹ میں ججز تعیناتی سے متعلق کیس کی سماعت کیلئے نیا بنچ بنایا جائے گا۔ واضح رہے کہ 6 رکنی آئینی بنچ کے سربراہ جسٹس امین الدین خان اور جسٹس جمال خان مندوخیل ججز کا تقرر کرنے والے جوڈیشل کمیشن آف پاکستان کے بھی رکن ہیں، لہذا ججز کی تقرری سے متعلق آئینی درخواستوں کی سماعت کیلئے سپریم کورٹ میں نیا آئینی بنچ بنے گا۔
57	بقیہ
الاقوامی آئل مارکیٹ سے دور رکھتا ہے۔ امریکی محکمہ خزانہ کی جانب سے جاری بیان میں کہا گیا ہے کہ 11 اکتوبر کو لگائی گئی پابندیوں کو ایران خاطر میں نہ لایا اور مسلسل خلاف ورزی جاری رکھی۔ بیان میں الزام عائد کیا گیا ہے کہ سابقہ پابندی کے باوجود ایران ابھی تک اپنا تیل فروخت کر رہا ہے اور اس سے حاصل ہونے والی رقم جوہری پروگرام اور بغیر پائلٹ والے ڈرون بنانے پر خرچ کر رہا ہے۔
58	بقیہ
ذرائع کے مطابق آئی ایم ایف نے ششماہی گیس ٹیرف کی ایڈجسٹمنٹ سے متعلق شرط رکھی ہے۔ واضح رہے کہ گیس کمپنیوں نے اوگرا سے گیس 47.53 فیصد مہنگی کرنے کی درخواست کی تھی اور اوگرا میں سرکاری گیس کمپنیوں کی درخواست پر نومبر میں سماعت کی تھی۔
59	بقیہ
حل میں سرمایہ کاری پر زور دیا ہے۔ جن میں جنگلات، چراگاہوں اور پانی کے شیڈز کا انتظام، بحالی و تحفظ شامل ہیں تاکہ ماحولیاتی نقصان کی لاگت میں کمی لائی جا سکے اور ماحول کو فائدہ ہو۔ عالمی ادارے کی جانب سے یہ انتباہ کنونشن ٹو کامبیٹ ڈیزرٹیفکیشن (UNCCD) کے تحت فریقین کی کانفرنس (COP16) کے لیے ریاض میں منعقد بارہ روزہ میٹنگ کے موقع پر جاری کیا گیا ہے۔
60	بقیہ
اعجاز کو بیلاروس میں دوبارہ سفیر مقرر کر دیا گیا ہے۔ مرغوب سلیم بٹ جو اس وقت ہیڈ کوارٹر میں متعین ہیں، سوئٹزرلینڈ میں سفیر کا عہدہ سنبھالیں گے۔ شوکت کو بدلے میں قاہرہ منتقل کر دیا گیا ہے جہاں وہ سفیر ساجد اقبال کی جگہ لیں گے۔ عمان سے واپس آنے والے سفیر عمران چوہدری کی جگہ نوید بخاری لیں گے جو اس وقت نیشنل ڈیفنس یونیورسٹی اسلام آباد میں نیشنل مینجمنٹ کورس میں شریک ہیں۔
61	بقیہ
عدالت کو بتایا کہ درخواست پر رجسٹرار آفس کے اعتراضات ہیں، ہم یہ اعتراضات دور کر کے دوبارہ درخواست دائر کریں گے۔ وکیل سلمان اکرم راجہ نے درخواست واپسی کے لیے موقف پیش کیا کہ رجسٹرار آفس کی جانب سے متاثرہ فریق اور چند تکنیکی نوعیت اعتراضات عائد کیے گئے، تکنیکی اعتراضات کو دور کر کے درخواست دوبارہ سپریم کورٹ میں دائر کریں گے۔ رجسٹرار آفس کی جانب سے عائد اعتراضات کو تسلیم کرتے ہیں۔
62	بقیہ
ہوئی۔ صوبائی وزیر اطلاعات و ثقافت عظمیٰ بخاری اور رمیش سنگھ اروڑہ سمیت کسی قسم کا کوئی جانی نقصان نہیں ہوا۔ صوبائی وزیر عظمیٰ بخاری پنجاب یونیورسٹی میں وزیراعلیٰ کی سکالرشپ کی تقریب میں شرکت کیلئے جا رہی تھیں۔ صوبائی وزیر پنجاب یونیورسٹی کے لیے متبادل گاڑی میں روانہ ہو گئیں۔
63	بقیہ
پر تمام ضروری انتظامات مکمل کر کے حلقہ بندیوں کا شیڈول منظوری کیلئے الیکشن کمیشن کو پیش کیا جائے۔
64	بقیہ
عارف علوی کے خلاف میانوالی، ٹیکسلا اور راولپنڈی میں مقدمات درج کیے گئے ہیں۔ وکیل نے کہا کہ عارف علوی کے خلاف مقدمات کےاندراج کا مقصد سیاسی دباؤ ڈالنا ہے، متعلقہ عدالتوں سے رجوع کرنے کے لیے 20 دن کے لیے حفاظتی ضمانت دی جائے تاکہ متعلقہ عدالتوں سے رجوع کر سکیں۔ درخواست گزار کے وکیل کا کہنا ہے کہ سندھ پولیس کو درخواست گزار کی گرفتاری سے روکا جائے، عارف علوی کا نام نامعلوم ایف آئی آرز میں شامل کرنے سے روکا جائے۔ عدالت نے کہا ہے کہ کیس کی مزید سماعت کے لیے معاملہ آئینی بنچ کو بھیجا جا رہا ہے، مقدمات کی تفصیلات سمیت دیگر معاملات آئینی بنچ دیکھے گا۔
65	بقیہ
کر کے ظلم ڈھائے جا رہے ہیں، بانی پی ٹی آئی کے بغض میں جعلی حکومت نفرتوں کو فروغ دے رہی ہے، نام نہاد قوم پرست جماعتوں نے بھی پشتونوں کی تضحیک پر چپ سادھ لی ہے۔ بیرسٹر سیف کا مزید کہنا تھا کہ افغان باشندوں کی تضحیک دونوں کے درمیان نفرتوں کو بڑھاوا دے رہی ہے، افغان ہمارے مسلمان بھائی ہیں، ان کی عزت اور تحفظ ہماری ذمہ داری ہے، افغانستان کے ساتھ خراب تعلقات کا براہ راست اثر خیبر پختونخوا پر پڑتا ہے۔
66	بقیہ
کے وکیل اظہر صدیق نے موقف اپنایا کہ عالمی منڈی میں پٹرولیم مصنوعات کی قیمتیں کم ترین سطح پر ہیں، حکومت نے عالمی مارکیٹ کے برعکس پٹرولیم مصنوعات کی قیمتوں میں بلاجواز اضافہ کیا، حکومت کو عوامی مشکلات میں اضافے کا کوئی استحقاق حاصل نہیں ہے۔ عدالت پٹرولیم مصنوعات کی قیمتوں میں حالیہ اضافہ کالعدم قرار دے۔ بعدازاں لاہور ہائیکورٹ نے وفاق، وزارت پٹرولیم اور اوگرا کو نوٹس جاری کرتے ہوئے جواب طلب کر لیا۔
67	بقیہ
کیس سینٹرل پولیس آفس جمع نہیں کیا جائیگا۔ خط میں مزید کہا گیا ہے کہ پولیس میں باہمی تبادلوں اور تعیناتیوں پر پابندی کا اطلاق فوری طور پر ہوگا۔
68	بقیہ
اسرائیلی قبضے کو ناجائز قرار دیا۔ جنرل اسمبلی کے اجلاس میں بین الاقوامی قوانین کے تحت مسئلہ فلسطین کے دو ریاستی حل کیلئے غیر متزلزل حمایت کا اظہار کرتے ہوئے کہا گیا کہ 1967 کی سرحدی تقسیم کے مطابق دو ریاستی حل کا مطلب ہے کہ دونوں ریاستیں ایک دوسرے کے ساتھ امن و امان کے ساتھ رہیں۔ اجلاس کے دوران جون 2025 میں نیویارک میں فرانس اور سعودی عرب کی مشترکہ صدارت میں سفارتی کوششوں کے ذریعے مسئلہ فلسطین کے دو ریاستی حل کو یقینی بنانے کیلئے اعلیٰ سطح کی بین الاقوامی کانفرنس بلانے کا بھی اعلان کیا گیا۔
69	بقیہ
چیف آف ڈیفنس فورسز سے بھی ملاقاتیں ہوئی ہیں۔ ملاقاتوں میں سلامتی، دفاعی تعاون اور موجودہ علاقائی صورتحال سمیت دلچسپی کے اہم شعبوں پر تبادلہ خیال ہوا۔ فریقین نے دونوں ممالک کے درمیان فوجی تعاون بڑھانے اور دفاعی تعلقات کو مضبوط بنانے کے عزم کا اعادہ کیا۔
دفاعی تعلقات کو مضبوط بنانے کے عزم کا اعادہ کیا۔
70	بقیہ
سینیٹ کے دونوں اپوزیشن لیڈرز نے عدالتوں میں کیسز کے باعث استعفیٰ دیا ہے۔ جوڈیشل کمیشن اجلاس میں شرکت کے باعث شبلی فراز اور عمر ایوب کے فیصل آباد سے وارنٹ گرفتاری جاری ہوئے تھے، سینیٹ میں رکن جوڈیشل کمیشن کی نامزدگی کا فیصلہ کل ہوگا۔ یاد رہے کہ 26 ویں آئینی ترمیم کے بعد اپوزیشن کی جانب سے قومی اسمبلی سے قائد حزب اختلاف عمر ایوب اور سینیٹ سے قائد حزب اختلاف شبلی فراز کو جوڈیشل کمیشن میں شامل کیا گیا تھا۔
71	بقیہ
اجازت نہیں دے گی۔ تاہم اب بھارتی بورڈ (بی سی سی آئی) نے موقف اپنایا ہے کہ بھارت میں سیکیورٹی کے کوئی مسائل نہیں، اس لیے کوئی بھی ایونٹ ہائبرڈ ماڈل پر نہیں ہوگا۔ قبل ازیں بھارت کے علاوہ آئی سی سی کے وفد پاکستان میں سیکیورٹی اور اسٹیڈیمز کی تعمیرات کا جائزہ لے کر جا چکے ہیں لیکن کوئی اعتراض نہیں اٹھایا۔ خیال رہے کہ آئی سی سی کے تحت ہونے والے ون ڈے ورلڈ کپ 2025، ٹی 20 ورلڈ کپ 2026 اور 2029 کی چیمپئنز ٹرافی کے علاوہ 2031 کا ون ڈے ورلڈ کپ بھی بھارت میں ہی شیڈول ہے۔
72	بقیہ
درخواست بریت منظور نہیں کی جا سکتی۔ انہوں نے کہا کہ انسداد دہشت گردی عدالت سرگودھا سے ملزمان کی بریت کے فیصلے کو چیلنج کیا جا چکا ہے۔ ہائی کورٹ میں چیلنج کیے گئے فیصلے کی مصدقہ نقول عدالت میں داخل کروائی جا چکی ہیں۔ دلائل سننے کے بعد عدالت نے اپوزیشن لیڈر عمر ایوب کی درخواست بریت خارج کرتے ہوئے ریمارکس دیے کہ ابھی مقدمہ ابتدائی مرحلے میں ہے اس لیے بریت کی درخواست قبل از وقت ہے۔
73	بقیہ
بات کر لیا کریں۔ انہوں نے کہا کہ اسلام آباد میں ہلاکتوں سے متعلق بیرسٹر گوہر نے ان لوگوں کی بات کی جن کے کوائف موجود ہیں جب کہ علیمہ خان نے لاپتا افراد کی بات کی جن کے کوائف جمع کیے جا رہے ہیں، یہ دونوں باتیں مختلف نہیں ہیں، ایک ہی بات کے دو حصے ہیں۔ فیصل چوہدری کا کہنا تھا کہ اگر عمران خان یہ کہہ رہے ہیں کہ انہوں نے بشریٰ بی بی کو قافلے کی قیادت کا کہا تھا تو وہ ٹھیک ہی کہہ رہے ہیں۔
74	بقیہ
لیکر واپس گئے ہوں گے، ہونا یہ چاہیے تھا کہ بیلاروس کے صدر پاکستان کے تعلیمی اداروں کا دورہ کرتے۔ انہوں نے کہا کہ یہ عوام کا پیسہ پہلی حکومتوں کے پاس بھی تھا تو وہ آپ تک کیوں نہیں پہنچا، اگر وہ پیسہ آپ تک پہنچ جاتا تو کروڑوں بچے تعلیم یافتہ ہوتے۔ وزیراعلیٰ آفس میں اب ایک ایسی وزیراعلیٰ ہے جو آپ کے مستقبل کے لیے کام کر رہی ہے۔
75	بقیہ
حکومت نے گاڑیوں کا معائنہ کرانے کیلئے 30 جنوری تک کی ڈیڈ لائن مقرر کر دی ہے اور تمام وزارتوں و محکموں کو اس تاریخ تک گاڑیوں کا معائنہ کرانے کی ہدایت کی ہے۔
76	بقیہ
اور مولانا فضل الرحمان نے مدارس رجسٹریشن بل پر صدر کے دستخط نہ ہونے پر تشویش کا اظہار کیا۔ مولانا فضل الرحمان کا کہنا تھا کہ مدارس رجسٹریشن بل پر دونوں ایوانوں سے منظوری کے باوجود صدر کے دستخط کیوں نہیں ہوئے؟ اس پر بلاول نے یقین دہانی کرائی کہ مدارس رجسٹریشن بل پر دستخط نہ ہونے پر حکومت سے بات کروں گا۔ دوسری جانب جمعیت علمائے اسلام کے رہنما حافظ حمد اللہ کا کہنا تھا کہ مدارس رجسٹریشن بل 26 ویں آئینی ترمیمی بل کا حصہ ہوتے ہوئے بھی ایوان صدر میں لٹکایا گیا۔
77	بقیہ
دشاد قیدی اور گرفتار ملزم جاوید کے ذریعے تشکیل تک پہنچایا گیا جب کہ دہشتگرد جاوید نے پولیس کے سامنے خودکش دھماکے اور منصوبہ بندی کا اعتراف کیا۔ ابتدائی رپورٹ میں مزید بتایا گیا ہے کہ کار شوروم سے دھماکے میں استعمال ہونے والی گاڑی 71 لاکھ میں خریدی گئی اور رقم حب چوکی کے ایک نجی بینک کے ذریعے ادا کی گئی۔ خیال رہے کہ رواں برس اکتوبر کے پہلے ہفتے میں کراچی ایئرپورٹ سگنل کے قریب خودکش دھماکے میں 2 چینی شہریوں سمیت 3 افراد ہلاک ہوئے تھے۔
78	بقیہ
استعمال ہو رہا ہے۔ چیف سیکریٹری خیبر پختونخوا ندیم اسلم نے کہا کہ کرم میں حالات معمول پر آ رہے ہیں، وہاں مکمل فائر بندی ہے۔ انہوں نے مزید کہا کہ ادویات کے ساتھ کھانے پینے کی اشیا بھی پاراچنار بھیجی جائیں گی، امن بحال کر رہے ہیں، جلد سڑکوں کو بھی کھول دیں گے۔ چیف سیکریٹری خیبر پختونخوا نے یہ بھی کہا کہ کرم سے ججز اور ان کی فیملی کو باحفاظت واپس لے آئے ہیں۔
79	بقیہ
کو آگے لے جا سکتی ہے۔ وزیراعلیٰ بلوچستان نے مزید کہا کہ کاروباری افراد کو فول پروف سیکیورٹی فراہم کر سکتے ہیں، آپ ہمارے ساتھ آئیں 5 ہزار نہیں 10 ہزار ایکڑ زمین دیں گے، بیرونی سرمایہ کاروں کی طرح اپنے سرمایہ کاروں کو بھی سہولیات دیں گے۔
80	بقیہ
چیزیں تبدیل ہوئی ہیں لیکن ہم ابھی وہیں کھڑے ہیں۔ہیں۔انہوں نے کہا کہ پوری دنیا میں فرانزک کے لوگ پولیس ڈیپارٹمنٹ سے الگ سے ہیں۔ فرانزک ڈیپارٹمنٹ کو پولیس سے بالکل الگ کرنا پڑے گا۔قتل کے ایک کیس میں لیڈی ڈاکٹر نے پوسٹ مارٹم رپورٹ میں ایک انجری بھی نہیں لکھی۔ یہ وقت کی ضرورت ہے کہ آپ ایک الگ سے قانون بنائیں۔ جسٹس محسن اختر کیانی نے کہا کہ اسلام آباد کی آبادی شاید 5.4 ملین ہے 72 ججز ہیں اور 54 ہزار کیسز زیر التوا ہیں۔ پنجاب فرانزک ایجنسی اس وقت ایک بہترین مثال ہے۔ اس کی بہترین مثال گجرانوالہ موٹروے ریپ کیس تھا، جس کے ذریعے ملزم کو پکڑا گیا۔ اسلام آباد میں 22 سال سے فرانزک لیبارٹری التوا کا شکار ہے۔
ہیں۔انہوں نے کہا کہ پوری دنیا میں فرانزک کے لوگ پولیس ڈیپارٹمنٹ سے الگ سے ہیں۔ فرانزک ڈیپارٹمنٹ کو پولیس سے بالکل الگ کرنا پڑے گا۔قتل کے ایک کیس میں لیڈی ڈاکٹر نے پوسٹ مارٹم رپورٹ میں ایک انجری بھی نہیں لکھی۔ یہ وقت کی ضرورت ہے کہ آپ ایک الگ سے قانون بنائیں۔ جسٹس محسن اختر کیانی نے کہا کہ اسلام آباد کی آبادی شاید 5.4 ملین ہے 72 ججز ہیں اور 54 ہزار کیسز زیر التوا ہیں۔ پنجاب فرانزک ایجنسی اس وقت ایک بہترین مثال ہے۔ اس کی بہترین مثال گجرانوالہ موٹروے ریپ کیس تھا، جس کے ذریعے ملزم کو پکڑا گیا۔ اسلام آباد میں 22 سال سے فرانزک لیبارٹری التوا کا شکار ہے۔
81	بقیہ
الحق کی وفات پر اظہار افسوس کرتے ہوئے کہا ہے کہ ان کی ملکی دفاع اور سلامتی کے لیے خدمات ناقابل فراموش ہیں۔ علاوہ ازیں صدر مملکت آصف علی زرداری نے سابق چیف آف نیول اسٹاف ایڈمرل منصور الحق ملک کی وفات پر گہرے دکھ اور افسوس کا اظہار کیا ہے، صدر مملکت نے مرحوم کے لیے مغفرت اور لواحقین کے لیے صبر جمیل کی دعا کی۔
82	بقیہ
الیکشن ٹریبونل راولپنڈی کو منتقل کر دی گئی ہیں جس کی سربراہی جسٹس (ر) عبدالشکور پراچہ کر رہے ہیں جنہیں اب اسلام آباد کا اختیار بھی تفویض کر دیا گیا ہے۔ فیصلے میں کہا گیا ہے کہ جسٹس طارق محمود جہانگیری پر مشتمل الیکشن ٹریبونل اسلام آباد کا سابقہ نوٹیفکیشن واپس لیا جاتا ہے۔ مسلم لیگ (ن) کے رہنماؤں ڈاکٹر طارق فضل چوہدری، راجہ خرم نواز اور انجم عقیل خان کی درخواستوں پر کیا گیا ہے، درخواست گزاروں میں پی ٹی آئی کے شعیب شاہین، سید محمد علی بخاری اور عامر مغل شامل ہیں۔
83	بقیہ
کا مقدمہ درج کر لیا۔ 26 نومبر کو اسلام آباد کے تھانہ سیکرٹریٹ میں مقدمہ درج ہوا۔ درخواست میں استدعا کی گئی کہ حتمی فیصلے تک ایف آئی آر یا دہشت گردی کی دفعات کو معطل کیا جائے۔
84	بقیہ
سردار اویس احمد لغاری نے وفد کے ہمراہ اجلاس میں شرکت کی۔ پاور ڈویژن کی جانب سے بتایا گیا ہے کہ روس اور پاکستان کے درمیان 8 معاہدوں پر دستخط کیے گئے۔ کامسیٹس اور پشاور یونیورسٹی کے روسی تعلیمی اداروں کے ساتھ معاہدے ہوئے۔ اعلامیے میں بتایا گیا ہے کہ دونوں ممالک کے درمیان انسولین کی تیاری کے حوالے سے بھی معاہدے پر دستخط ہوئے۔
85	بقیہ
کرے گا، جرگہ میں علما اور قبائلی عمائدین شامل ہیں۔ جرگہ کے سابق رہنما ڈاکٹر عبدالقادر کی رہائش گاہ پر قیام کیا جبکہ جرگہ میں مفتی کفایت اللہ، نصیر کوکی خیل، امان اللہ وزیر اور حمید شیرانی بھی شامل ہیں۔ کرم میں جنگ بندی کے حوالے سے اعلان کے باوجود جھڑپیں، ہلاکتوں کی تعداد 111 ہو گئی۔ کرم کی سیکیورٹی کے لیے 400 ایکس سروس مین اہلکاروں کی بھرتی کی جائے گی جن میں 350 سپاہی اور 50 ہیڈ کانسٹیبل ہوں گے۔
86	بقیہ
جی اسلام آباد کی ہدایت پر حالیہ لا اینڈ آرڈر کی صورتحال میں غیر حاضر ہونے والوں کو برطرفی کی سزا دی جا سکتی ہے۔ احتجاج میں ڈیوٹی پر نہ پہنچنے والے اہلکاروں میں ایک انسپکٹرز اور ایک سو ستائیس اہلکار شامل ہیں۔ ذرائع کے مطابق اہلکار جان بوجھ کر تحریک انصاف کے احتجاج میں ڈیوٹی کرنے سے انکار کرتے ہوئے ڈیوٹی سے غیر حاضر رہے۔
87	بقیہ
پر سماعت کی۔ فریقین کے دلائل سننے کے بعد عدالت نے زرتاج گل کو 21 دن کی حفاظتی ضمانت دے دی اور درج مقدمات میں زرتاج گل کو گرفتار کرنے کا حکم بھی جاری کیا۔
88	بقیہ
دہشت گردی کی متعدد وارداتوں میں ملوث رہا ہے اور اس کی سر کی قیمت ایک کروڑ روپے مقرر کی گئی تھی۔ دہشت گرد شاہد عمر 8 سال بگرام کی جیل میں قید بھی رہا ہے تاہم افغان طالبان نے اقتدار سنبھالنے کے بعد اسے رہا کر دیا تھا۔
89	بقیہ
کے مواقع پیدا کرنے میں بنیادی کردار ادا کرتے ہیں۔ مضبوط، شفاف اور منصفانہ مالیاتی نظام کا قیام پنجاب حکومت کا وژن ہے۔
90	بقیہ
ایئر لائنز کے آپریشن شروع کرنے میں پاکستان کی حکومت کی جانب سے تعاون پر شکریہ ادا کیا۔ انہوں نے پاکستان کے دیگر شہروں میں ایتھوپین ایئرلائنز کا آغاز کرنے کی اہمیت پر زور دیا تاکہ نہ صرف ایتھوپیا اور پاکستان کے درمیان بلکہ افریقہ اور پاکستان کے درمیان بھی روابط میں اضافہ ہو سکے۔ سفیر نے وفاقی سیکریٹری کو پاکستان کی لک افریقہ اور انگیج افریقہ پالیسیوں کے موثر نفاذ کے لئے ایتھوپین ایئر لائنز کی اہم کردار کے بارےمیں آگاہ کیا، جس کا مقصد پاکستان اور افریقی ممالک کے درمیان تعلقات کو مضبوط بنانا ہے۔ سفیر نے پاکستانی عوام میں ایتھوپین ایئرلائنز کی بڑھتی ہوئی مقبولیت کو بھی اجاگر کیا، جو دنیا کی سب سے بڑی ایئرلائنز میں سے ایک ہے۔ وفاقی سیکریٹری ایوی ایشن احسن علی منگی نے افریقہ کو پاکستان کے قریب لانے میں ایتھوپین ایئرلائنز کی اہم کردار کو تسلیم کیا۔
91	بقیہ
رہنما عالیہ حمزہ، سیمابیہ طاہر، شعیب شاہین، علی بخاری کا بھی نام شامل ہے۔ ذرائع کے مطابق ملزمان کی گرفتاری کے لئے اسلام آباد پولیس اسپیشل ٹیمیں تشکیل دے گی۔ واضح رہے کہ تھانہ کوہسار کے مقدمے میں پی ٹی آئی کی سینئر قیادت نامزد ہے۔
